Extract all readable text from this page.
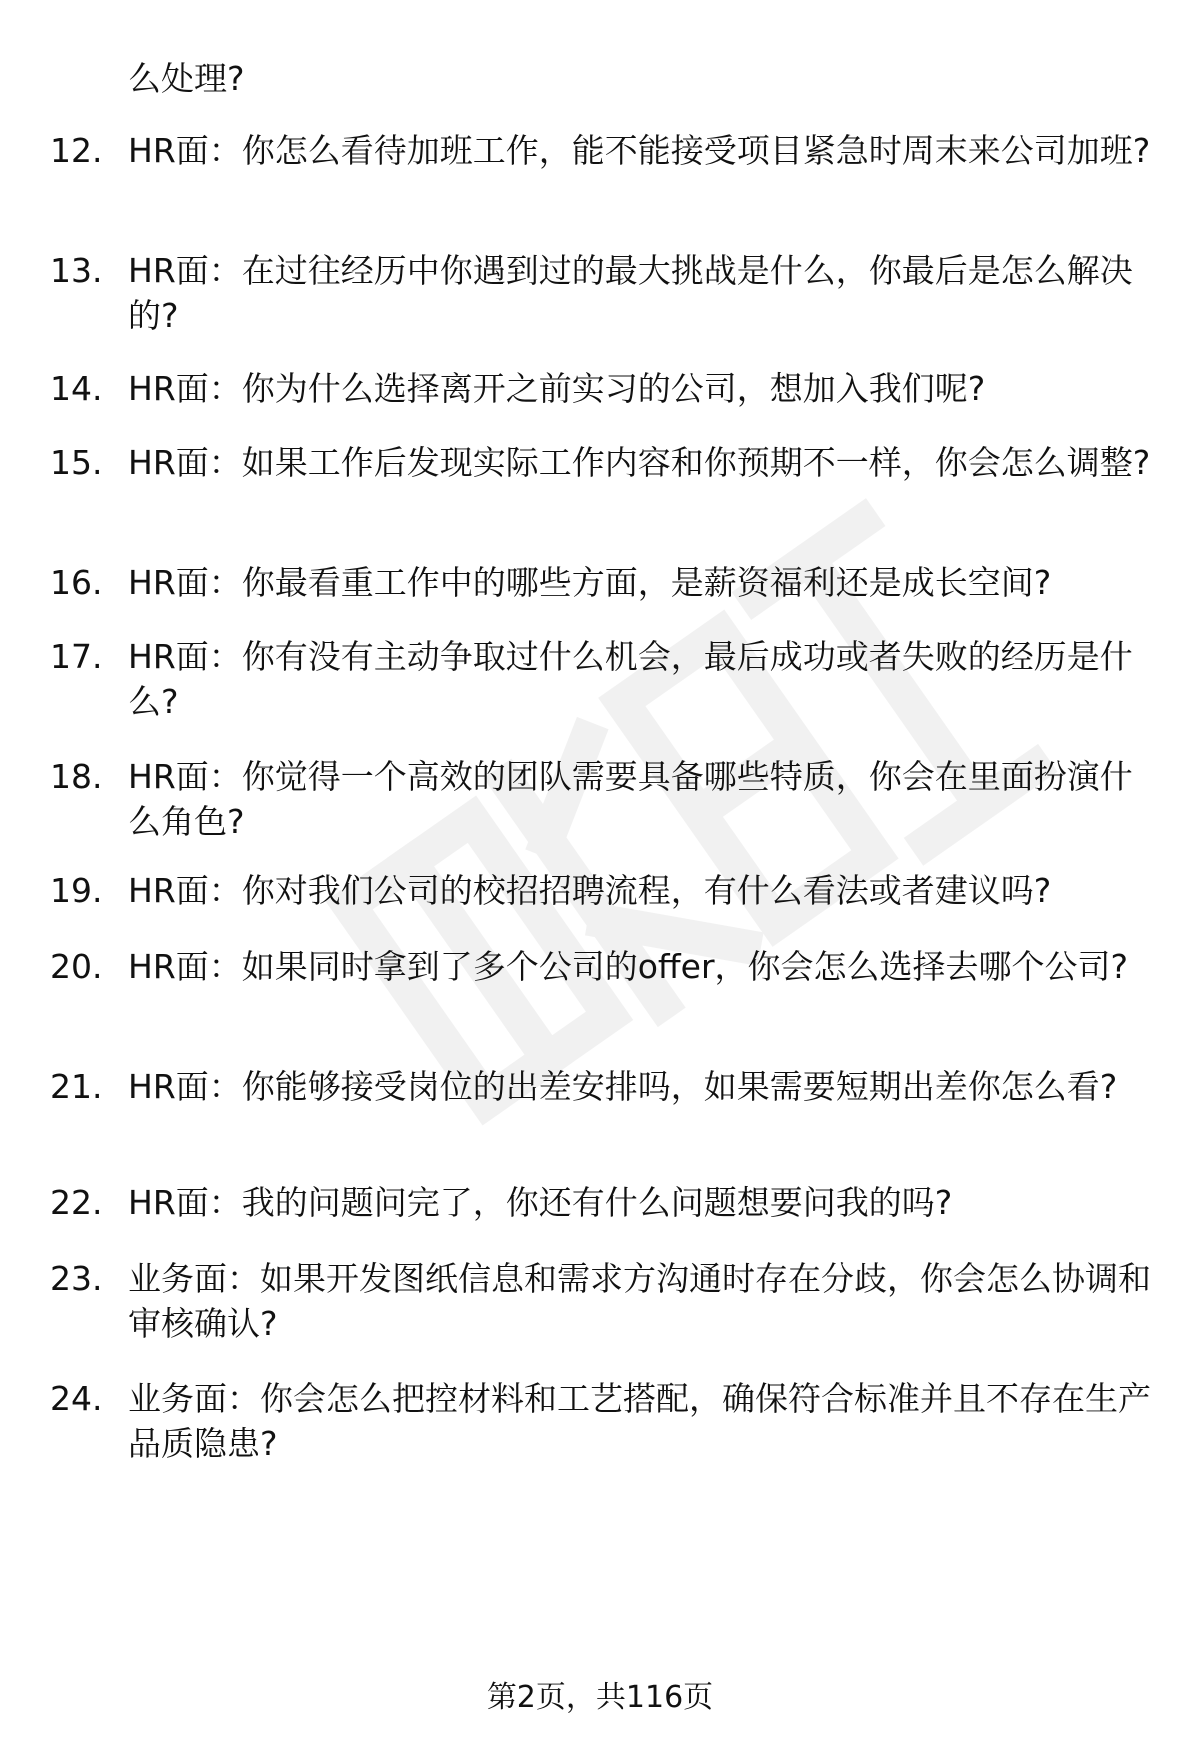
么处理?
12. HR面：你怎么看待加班工作，能不能接受项目紧急时周末来公司加班?
13. HR面：在过往经历中你遇到过的最大挑战是什么，你最后是怎么解决的?
14. HR面：你为什么选择离开之前实习的公司，想加入我们呢?
15. HR面：如果工作后发现实际工作内容和你预期不一样，你会怎么调整?
16. HR面：你最看重工作中的哪些方面，是薪资福利还是成长空间?
17. HR面：你有没有主动争取过什么机会，最后成功或者失败的经历是什么?
18. HR面：你觉得一个高效的团队需要具备哪些特质，你会在里面扮演什么角色?
19. HR面：你对我们公司的校招招聘流程，有什么看法或者建议吗?
20. HR面：如果同时拿到了多个公司的offer，你会怎么选择去哪个公司?
21. HR面：你能够接受岗位的出差安排吗，如果需要短期出差你怎么看?
22. HR面：我的问题问完了，你还有什么问题想要问我的吗?
23. 业务面：如果开发图纸信息和需求方沟通时存在分歧，你会怎么协调和审核确认?
24. 业务面：你会怎么把控材料和工艺搭配，确保符合标准并且不存在生产品质隐患?
第2页，共116页
